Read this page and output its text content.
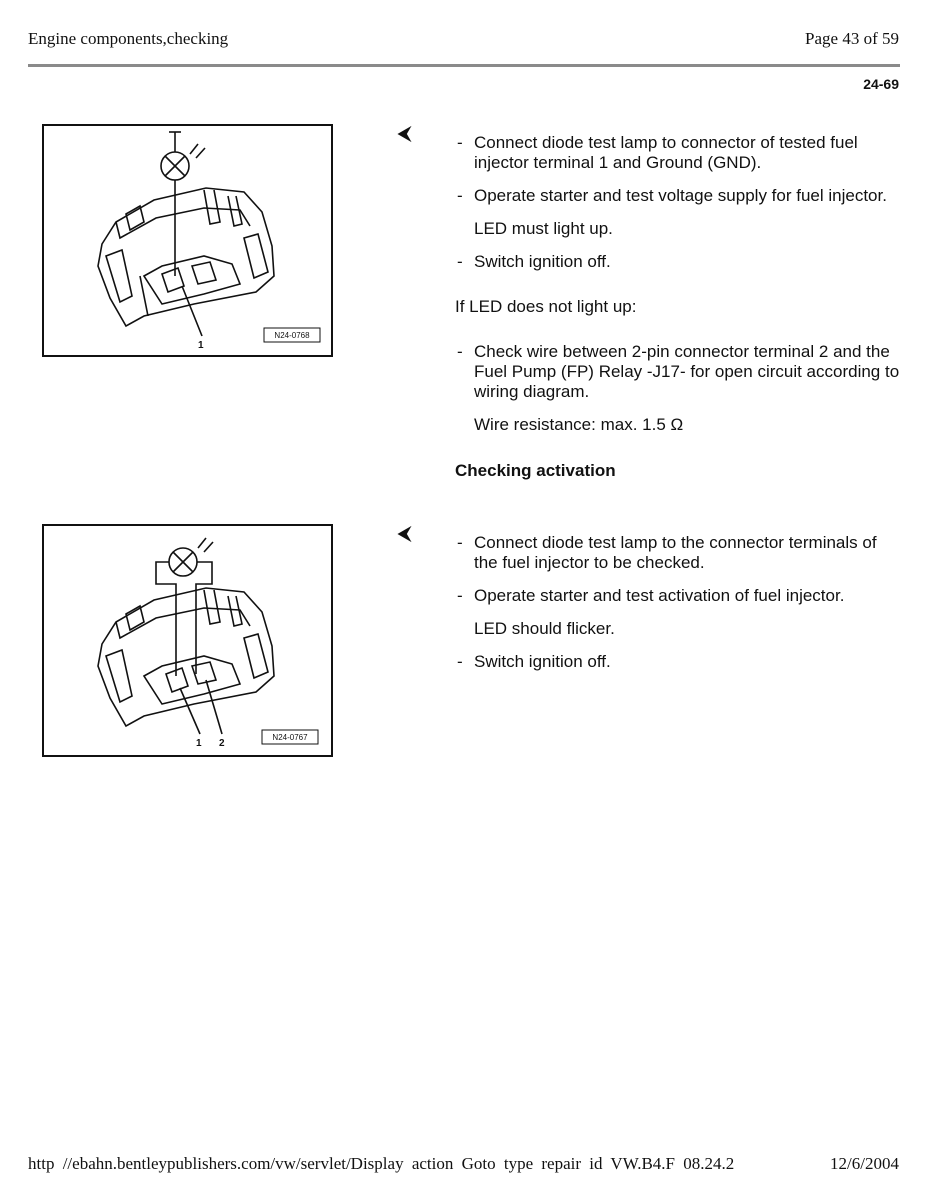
Engine components,checking	Page 43 of 59
24-69
1
N24-0768
⮜	- Connect diode test lamp to connector of tested fuel injector terminal 1 and Ground (GND).
- Operate starter and test voltage supply for fuel injector.
LED must light up.
- Switch ignition off.
If LED does not light up:
- Check wire between 2-pin connector terminal 2 and the Fuel Pump (FP) Relay -J17- for open circuit according to wiring diagram.
Wire resistance: max. 1.5 Ω
Checking activation
1 2
N24-0767
⮜	- Connect diode test lamp to the connector terminals of the fuel injector to be checked.
- Operate starter and test activation of fuel injector.
LED should flicker.
- Switch ignition off.
http //ebahn.bentleypublishers.com/vw/servlet/Display action Goto type repair id VW.B4.F 08.24.2	12/6/2004
